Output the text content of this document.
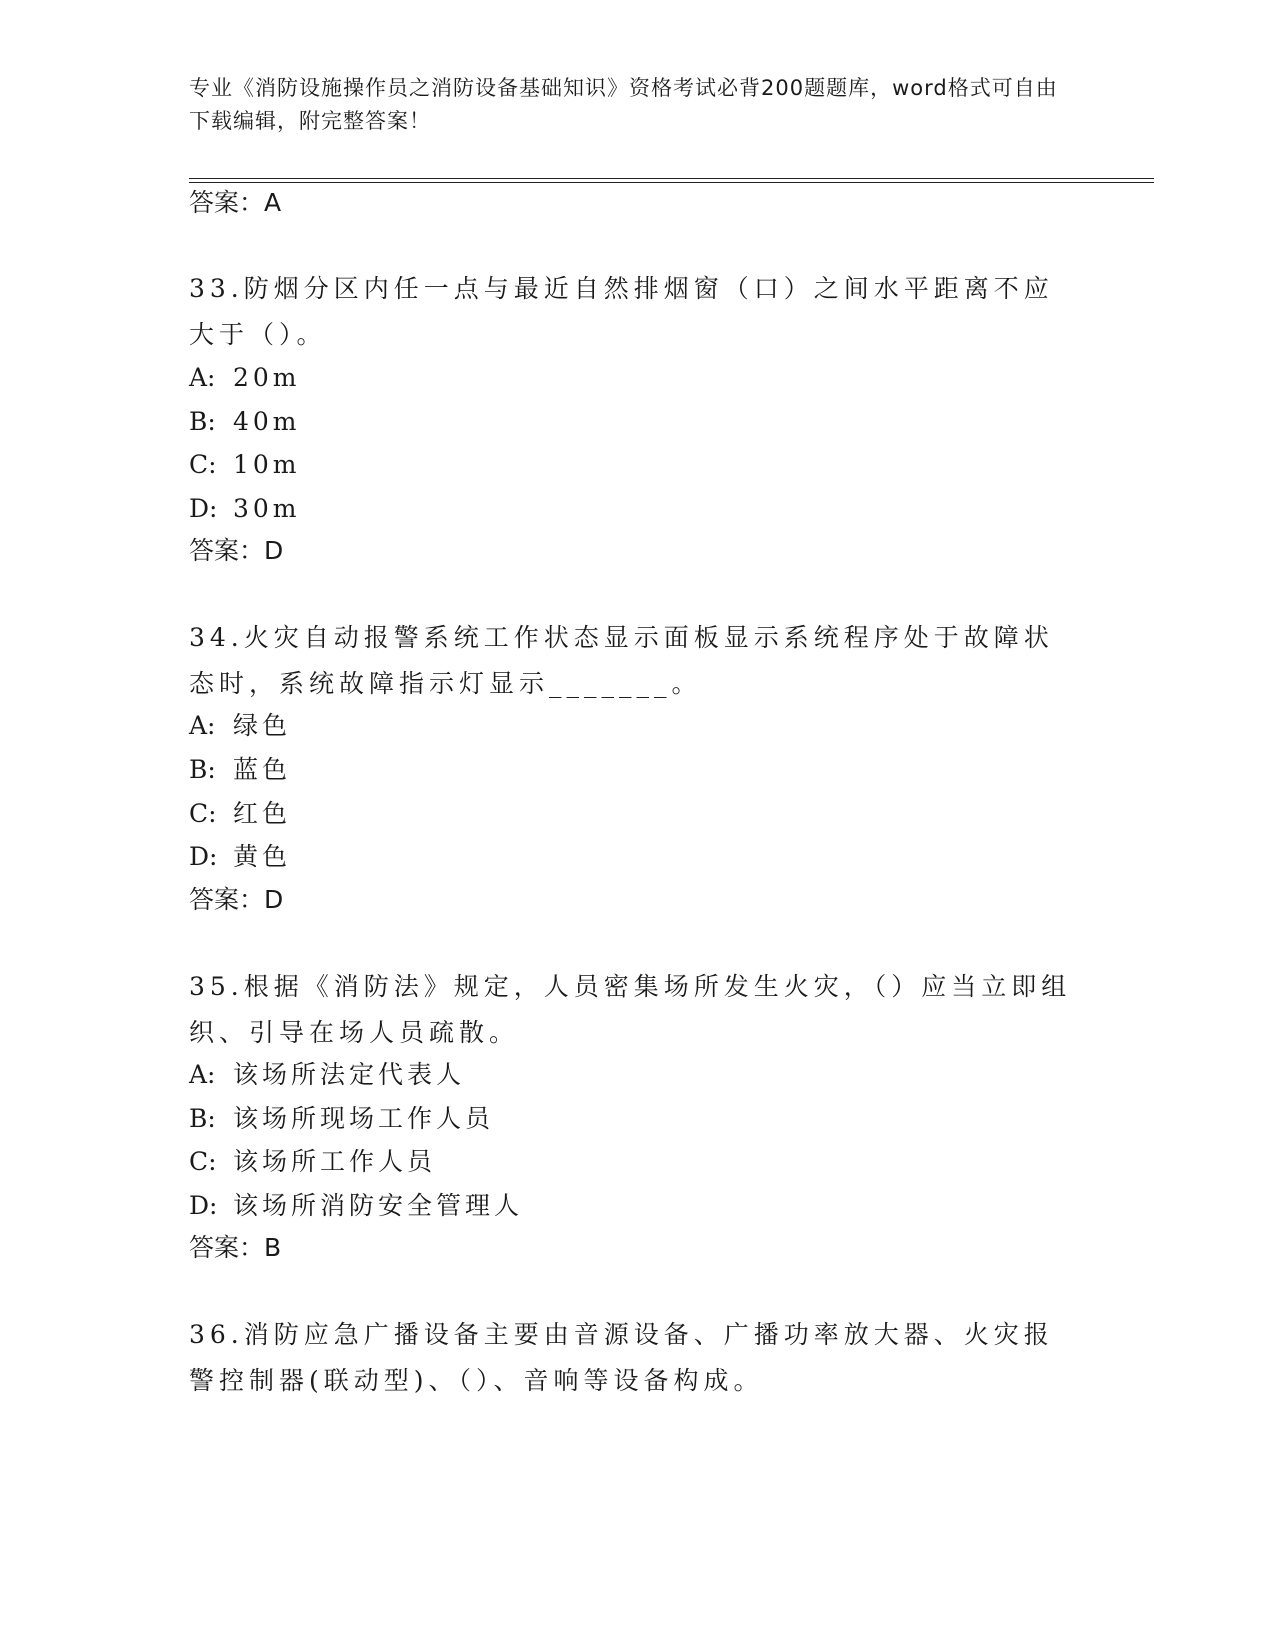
专业《消防设施操作员之消防设备基础知识》资格考试必背200题题库，word格式可自由下载编辑，附完整答案！
答案：A
33.防烟分区内任一点与最近自然排烟窗（口）之间水平距离不应大于（）。
A: 20m
B: 40m
C: 10m
D: 30m
答案：D
34.火灾自动报警系统工作状态显示面板显示系统程序处于故障状态时，系统故障指示灯显示_______。
A: 绿色
B: 蓝色
C: 红色
D: 黄色
答案：D
35.根据《消防法》规定，人员密集场所发生火灾，（）应当立即组织、引导在场人员疏散。
A: 该场所法定代表人
B: 该场所现场工作人员
C: 该场所工作人员
D: 该场所消防安全管理人
答案：B
36.消防应急广播设备主要由音源设备、广播功率放大器、火灾报警控制器(联动型)、（）、音响等设备构成。
